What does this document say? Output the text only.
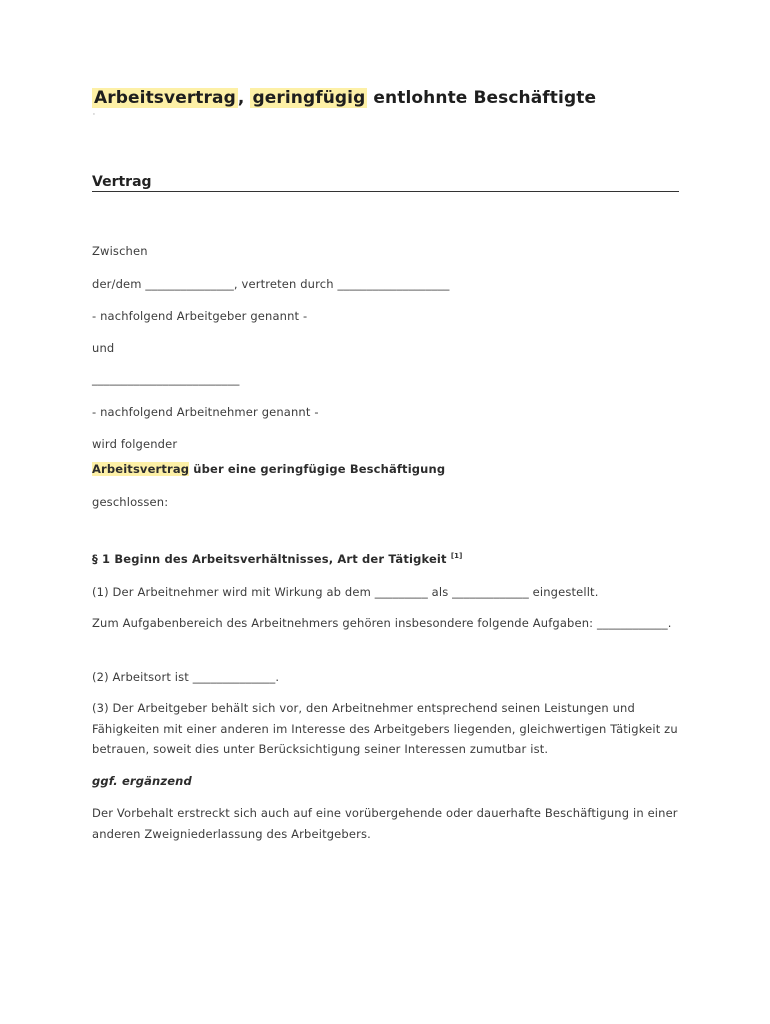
Arbeitsvertrag , geringfügig entlohnte Beschäftigte
'
Vertrag
Zwischen
der/dem _______________, vertreten durch ___________________
- nachfolgend Arbeitgeber genannt -
und
_________________________
- nachfolgend Arbeitnehmer genannt -
wird folgender
Arbeitsvertrag über eine geringfügige Beschäftigung
geschlossen:
§ 1 Beginn des Arbeitsverhältnisses, Art der Tätigkeit [1]
(1) Der Arbeitnehmer wird mit Wirkung ab dem _________ als _____________ eingestellt.
Zum Aufgabenbereich des Arbeitnehmers gehören insbesondere folgende Aufgaben: ____________.
(2) Arbeitsort ist ______________.
(3) Der Arbeitgeber behält sich vor, den Arbeitnehmer entsprechend seinen Leistungen und Fähigkeiten mit einer anderen im Interesse des Arbeitgebers liegenden, gleichwertigen Tätigkeit zu betrauen, soweit dies unter Berücksichtigung seiner Interessen zumutbar ist.
ggf. ergänzend
Der Vorbehalt erstreckt sich auch auf eine vorübergehende oder dauerhafte Beschäftigung in einer anderen Zweigniederlassung des Arbeitgebers.
